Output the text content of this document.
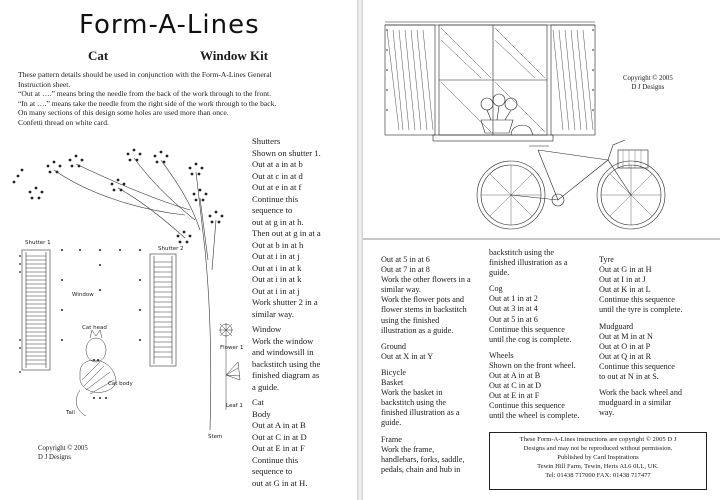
Form-A-Lines
Cat	Window Kit
These pattern details should be used in conjunction with the Form-A-Lines General
Instruction sheet.
“Out at ….” means bring the needle from the back of the work through to the front.
“In at ….” means take the needle from the right side of the work through to the back.
On many sections of this design some holes are used more than once.
Confetti thread on white card.
Shutter 1
Shutter 2
Window
Cat head
Cat body
Tail
Flower 1
Leaf 1
Stem
Shutters
Shown on shutter 1.
Out at a in at b
Out at c in at d
Out at e in at f
Continue this
sequence to
out at g in at h.
Then out at g in at a
Out at b in at h
Out at i in at j
Out at i in at k
Out at i in at k
Out at i in at j
Work shutter 2 in a
similar way.
Window
Work the window
and windowsill in
backstitch using the
finished diagram as
a guide.
Cat
Body
Out at A in at B
Out at C in at D
Out at E in at F
Continue this
sequence to
out at G in at H.
Copyright © 2005
D J Designs
Copyright © 2005
D J Designs
Out at 5 in at 6
Out at 7 in at 8
Work the other flowers in a
similar way.
Work the flower pots and
flower stems in backstitch
using the finished
illustration as a guide.
Ground
Out at X in at Y
Bicycle
Basket
Work the basket in
backstitch using the
finished illustration as a
guide.
Frame
Work the frame,
handlebars, forks, saddle,
pedals, chain and hub in
backstitch using the
finished illustration as a
guide.
Cog
Out at 1 in at 2
Out at 3 in at 4
Out at 5 in at 6
Continue this sequence
until the cog is complete.
Wheels
Shown on the front wheel.
Out at A in at B
Out at C in at D
Out at E in at F
Continue this sequence
until the wheel is complete.
Tyre
Out at G in at H
Out at I in at J
Out at K in at L
Continue this sequence
until the tyre is complete.
Mudguard
Out at M in at N
Out at O in at P
Out at Q in at R
Continue this sequence
to out at N in at S.
Work the back wheel and
mudguard in a similar
way.
These Form-A-Lines instructions are copyright © 2005 D J
Designs and may not be reproduced without permission.
Published by Card Inspirations
Tewin Hill Farm, Tewin, Herts AL6 0LL, UK.
Tel: 01438 717000 FAX: 01438 717477
